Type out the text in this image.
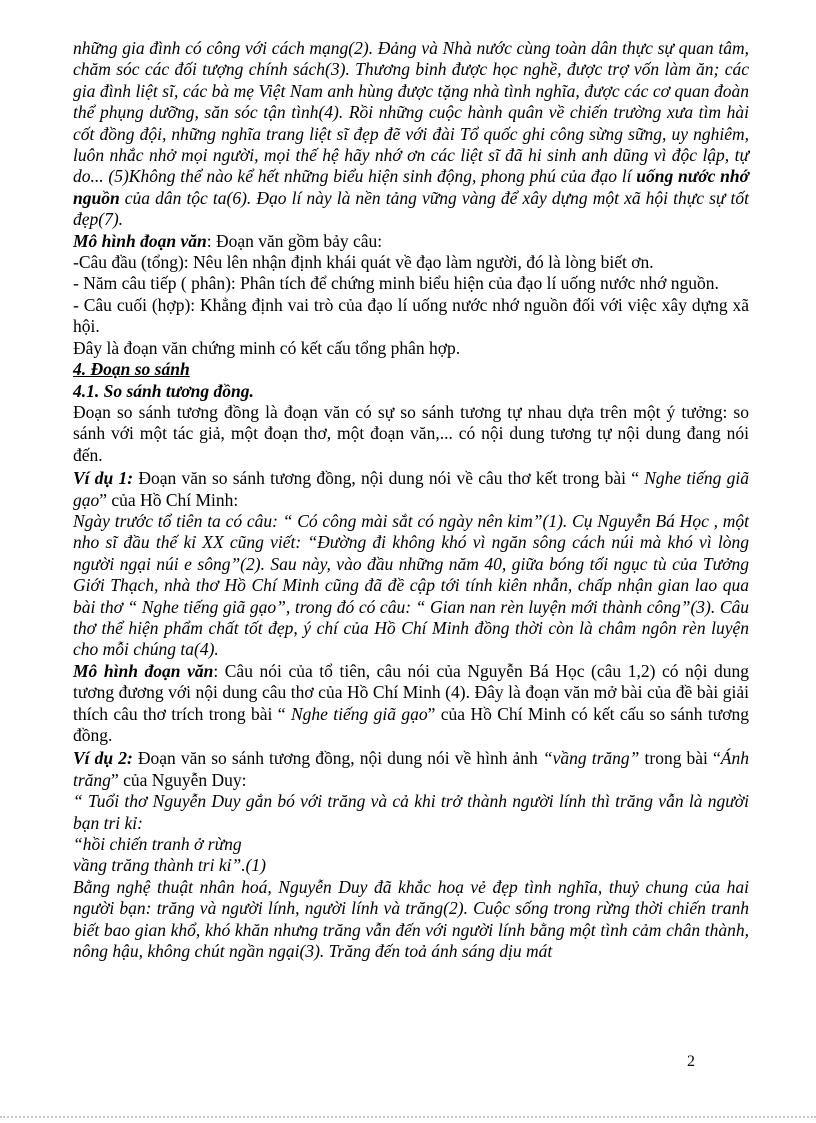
những gia đình có công với cách mạng(2). Đảng và Nhà nước cùng toàn dân thực sự quan tâm, chăm sóc các đối tượng chính sách(3). Thương binh được học nghề, được trợ vốn làm ăn; các gia đình liệt sĩ, các bà mẹ Việt Nam anh hùng được tặng nhà tình nghĩa, được các cơ quan đoàn thể phụng dưỡng, săn sóc tận tình(4). Rồi những cuộc hành quân về chiến trường xưa tìm hài cốt đồng đội, những nghĩa trang liệt sĩ đẹp đẽ với đài Tổ quốc ghi công sừng sững, uy nghiêm, luôn nhắc nhở mọi người, mọi thế hệ hãy nhớ ơn các liệt sĩ đã hi sinh anh dũng vì độc lập, tự do... (5)Không thể nào kể hết những biểu hiện sinh động, phong phú của đạo lí uống nước nhớ nguồn của dân tộc ta(6). Đạo lí này là nền tảng vững vàng để xây dựng một xã hội thực sự tốt đẹp(7).

Mô hình đoạn văn: Đoạn văn gồm bảy câu:

-Câu đầu (tổng): Nêu lên nhận định khái quát về đạo làm người, đó là lòng biết ơn.

- Năm câu tiếp ( phân): Phân tích để chứng minh biểu hiện của đạo lí uống nước nhớ nguồn.

- Câu cuối (hợp): Khẳng định vai trò của đạo lí uống nước nhớ nguồn đối với việc xây dựng xã hội.

Đây là đoạn văn chứng minh có kết cấu tổng phân hợp.

4. Đoạn so sánh

4.1. So sánh tương đồng.

Đoạn so sánh tương đồng là đoạn văn có sự so sánh tương tự nhau dựa trên một ý tưởng: so sánh với một tác giả, một đoạn thơ, một đoạn văn,... có nội dung tương tự nội dung đang nói đến.

Ví dụ 1: Đoạn văn so sánh tương đồng, nội dung nói về câu thơ kết trong bài “ Nghe tiếng giã gạo” của Hồ Chí Minh:

Ngày trước tổ tiên ta có câu: “ Có công mài sắt có ngày nên kim”(1). Cụ Nguyễn Bá Học , một nho sĩ đầu thế kỉ XX cũng viết: “Đường đi không khó vì ngăn sông cách núi mà khó vì lòng người ngại núi e sông”(2). Sau này, vào đầu những năm 40, giữa bóng tối ngục tù của Tưởng Giới Thạch, nhà thơ Hồ Chí Minh cũng đã đề cập tới tính kiên nhẫn, chấp nhận gian lao qua bài thơ “ Nghe tiếng giã gạo”, trong đó có câu: “ Gian nan rèn luyện mới thành công”(3). Câu thơ thể hiện phẩm chất tốt đẹp, ý chí của Hồ Chí Minh đồng thời còn là châm ngôn rèn luyện cho mỗi chúng ta(4).

Mô hình đoạn văn: Câu nói của tổ tiên, câu nói của Nguyễn Bá Học (câu 1,2) có nội dung tương đương với nội dung câu thơ của Hồ Chí Minh (4). Đây là đoạn văn mở bài của đề bài giải thích câu thơ trích trong bài “ Nghe tiếng giã gạo” của Hồ Chí Minh có kết cấu so sánh tương đồng.

Ví dụ 2: Đoạn văn so sánh tương đồng, nội dung nói về hình ảnh “vầng trăng” trong bài “Ánh trăng” của Nguyễn Duy:

“ Tuổi thơ Nguyễn Duy gắn bó với trăng và cả khi trở thành người lính thì trăng vẫn là người bạn tri kỉ:

“hồi chiến tranh ở rừng

vầng trăng thành tri kỉ”.(1)

Bằng nghệ thuật nhân hoá, Nguyễn Duy đã khắc hoạ vẻ đẹp tình nghĩa, thuỷ chung của hai người bạn: trăng và người lính, người lính và trăng(2). Cuộc sống trong rừng thời chiến tranh biết bao gian khổ, khó khăn nhưng trăng vẫn đến với người lính bằng một tình cảm chân thành, nông hậu, không chút ngần ngại(3). Trăng đến toả ánh sáng dịu mát

2
